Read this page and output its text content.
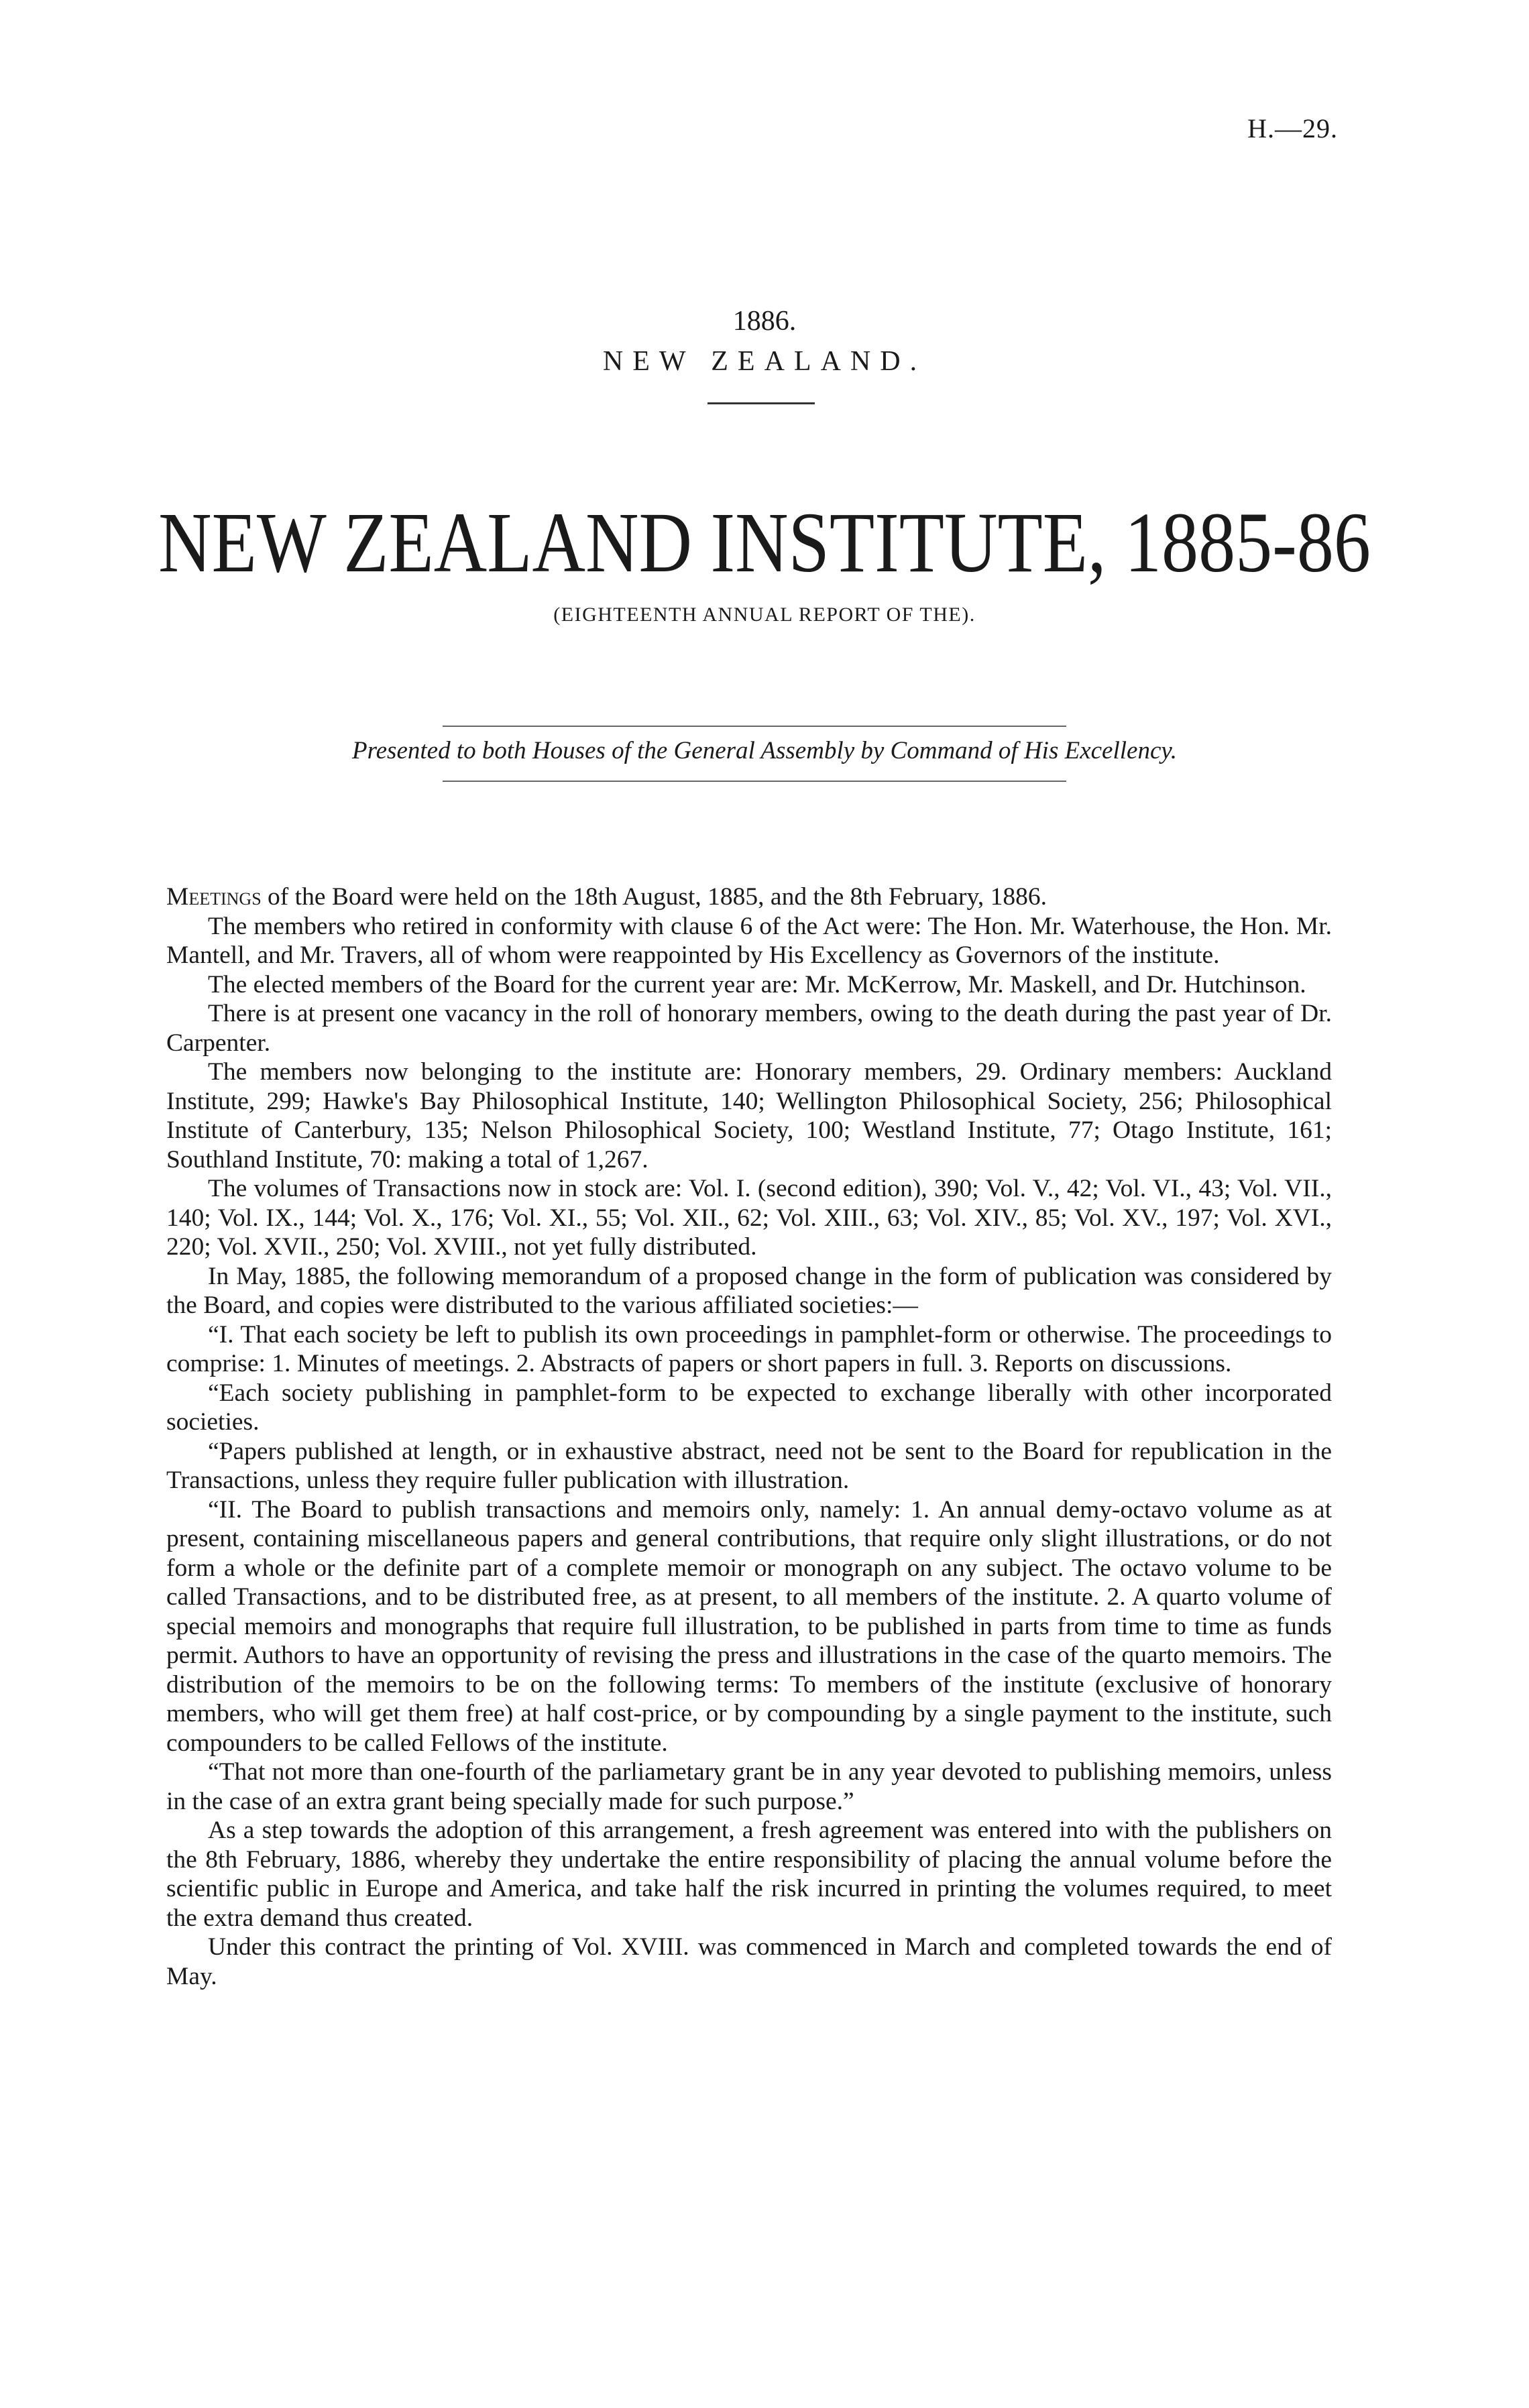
H.—29.
1886.
NEW ZEALAND.
NEW ZEALAND INSTITUTE, 1885-86
(EIGHTEENTH ANNUAL REPORT OF THE).
Presented to both Houses of the General Assembly by Command of His Excellency.

Meetings of the Board were held on the 18th August, 1885, and the 8th February, 1886.

The members who retired in conformity with clause 6 of the Act were: The Hon. Mr. Waterhouse, the Hon. Mr. Mantell, and Mr. Travers, all of whom were reappointed by His Excellency as Governors of the institute.

The elected members of the Board for the current year are: Mr. McKerrow, Mr. Maskell, and Dr. Hutchinson.

There is at present one vacancy in the roll of honorary members, owing to the death during the past year of Dr. Carpenter.

The members now belonging to the institute are: Honorary members, 29. Ordinary members: Auckland Institute, 299; Hawke's Bay Philosophical Institute, 140; Wellington Philosophical Society, 256; Philosophical Institute of Canterbury, 135; Nelson Philosophical Society, 100; Westland Institute, 77; Otago Institute, 161; Southland Institute, 70: making a total of 1,267.

The volumes of Transactions now in stock are: Vol. I. (second edition), 390; Vol. V., 42; Vol. VI., 43; Vol. VII., 140; Vol. IX., 144; Vol. X., 176; Vol. XI., 55; Vol. XII., 62; Vol. XIII., 63; Vol. XIV., 85; Vol. XV., 197; Vol. XVI., 220; Vol. XVII., 250; Vol. XVIII., not yet fully distributed.

In May, 1885, the following memorandum of a proposed change in the form of publication was considered by the Board, and copies were distributed to the various affiliated societies:—

“I. That each society be left to publish its own proceedings in pamphlet-form or otherwise. The proceedings to comprise: 1. Minutes of meetings. 2. Abstracts of papers or short papers in full. 3. Reports on discussions.

“Each society publishing in pamphlet-form to be expected to exchange liberally with other incorporated societies.

“Papers published at length, or in exhaustive abstract, need not be sent to the Board for republication in the Transactions, unless they require fuller publication with illustration.

“II. The Board to publish transactions and memoirs only, namely: 1. An annual demy-octavo volume as at present, containing miscellaneous papers and general contributions, that require only slight illustrations, or do not form a whole or the definite part of a complete memoir or monograph on any subject. The octavo volume to be called Transactions, and to be distributed free, as at present, to all members of the institute. 2. A quarto volume of special memoirs and monographs that require full illustration, to be published in parts from time to time as funds permit. Authors to have an opportunity of revising the press and illustrations in the case of the quarto memoirs. The distribution of the memoirs to be on the following terms: To members of the institute (exclusive of honorary members, who will get them free) at half cost-price, or by compounding by a single payment to the institute, such compounders to be called Fellows of the institute.

“That not more than one-fourth of the parliametary grant be in any year devoted to publishing memoirs, unless in the case of an extra grant being specially made for such purpose.”

As a step towards the adoption of this arrangement, a fresh agreement was entered into with the publishers on the 8th February, 1886, whereby they undertake the entire responsibility of placing the annual volume before the scientific public in Europe and America, and take half the risk incurred in printing the volumes required, to meet the extra demand thus created.

Under this contract the printing of Vol. XVIII. was commenced in March and completed towards the end of May.
